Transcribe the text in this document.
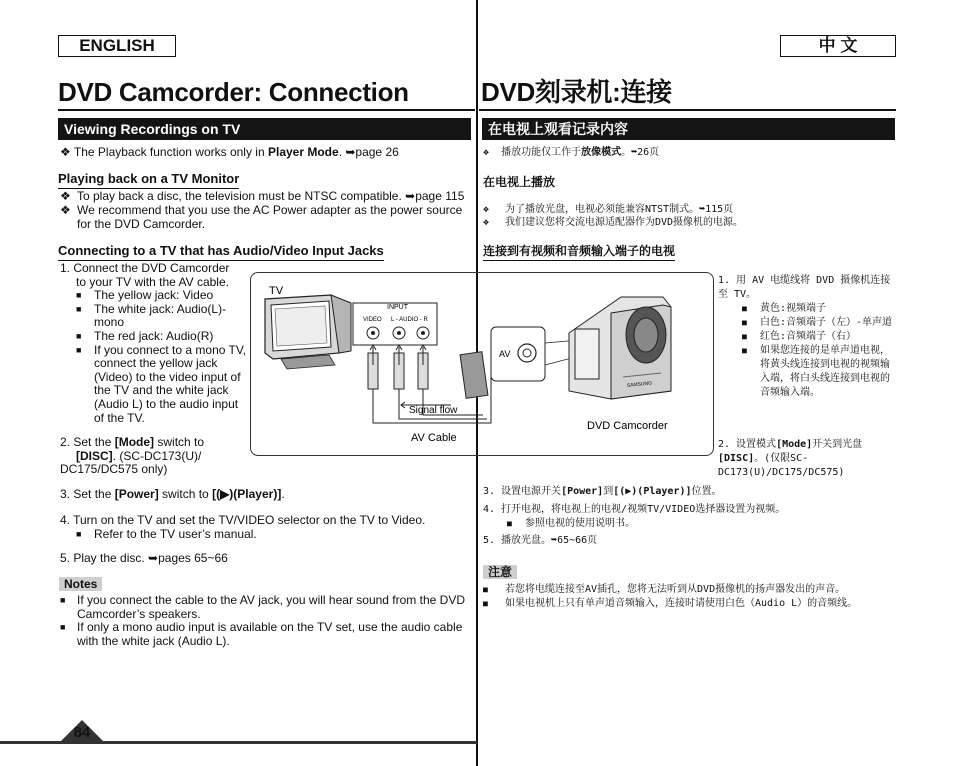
ENGLISH	中 文
DVD Camcorder: Connection	DVD刻录机:连接
Viewing Recordings on TV	在电视上观看记录内容
❖ The Playback function works only in Player Mode. ➥page 26
Playing back on a TV Monitor
❖ To play back a disc, the television must be NTSC compatible. ➥page 115
❖ We recommend that you use the AC Power adapter as the power source for the DVD Camcorder.
Connecting to a TV that has Audio/Video Input Jacks
1. Connect the DVD Camcorder
to your TV with the AV cable.
■ The yellow jack: Video
■ The white jack: Audio(L)-mono
■ The red jack: Audio(R)
■ If you connect to a mono TV, connect the yellow jack (Video) to the video input of the TV and the white jack (Audio L) to the audio input of the TV.
2. Set the [Mode] switch to
[DISC]. (SC-DC173(U)/ DC175/DC575 only)
3. Set the [Power] switch to [(▶)(Player)].
4. Turn on the TV and set the TV/VIDEO selector on the TV to Video.
■ Refer to the TV user’s manual.
5. Play the disc. ➥pages 65~66
Notes
■ If you connect the cable to the AV jack, you will hear sound from the DVD Camcorder’s speakers.
■ If only a mono audio input is available on the TV set, use the audio cable with the white jack (Audio L).
❖ 播放功能仅工作于放像模式。➥26页
在电视上播放
❖ 为了播放光盘，电视必须能兼容NTST制式。➥115页
❖ 我们建议您将交流电源适配器作为DVD摄像机的电源。
连接到有视频和音频输入端子的电视
1. 用 AV 电缆线将 DVD 摄像机连接至 TV。
■ 黄色:视频端子
■ 白色:音频端子（左）-单声道
■ 红色:音频端子（右）
■ 如果您连接的是单声道电视，将黄头线连接到电视的视频输入端，将白头线连接到电视的音频输入端。
2. 设置模式[Mode]开关到光盘[DISC]。(仅限SC-DC173(U)/DC175/DC575)
3. 设置电源开关[Power]到[(▶)(Player)]位置。
4. 打开电视，将电视上的电视/视频TV/VIDEO选择器设置为视频。
■ 参照电视的使用说明书。
5. 播放光盘。➥65~66页
注意
■ 若您将电缆连接至AV插孔，您将无法听到从DVD摄像机的扬声器发出的声音。
■ 如果电视机上只有单声道音频输入，连接时请使用白色（Audio L）的音频线。
TV
INPUT
VIDEO L - AUDIO - R
Signal flow
AV Cable
AV
SAMSUNG
DVD Camcorder
84
